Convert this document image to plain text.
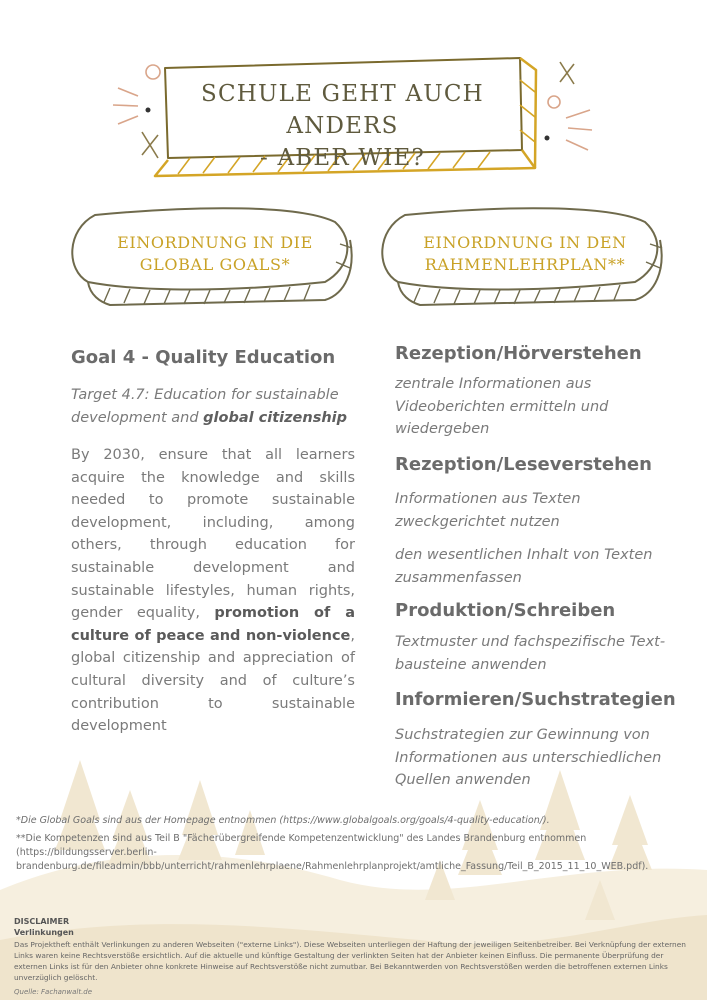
SCHULE GEHT AUCH ANDERS
- ABER WIE?
EINORDNUNG IN DIE
GLOBAL GOALS*
EINORDNUNG IN DEN
RAHMENLEHRPLAN**
Goal 4 - Quality Education
Target 4.7: Education for sustainable development and global citizenship
By 2030, ensure that all learners acquire the knowledge and skills needed to promote sustainable development, including, among others, through education for sustainable development and sustainable lifestyles, human rights, gender equality, promotion of a culture of peace and non-violence, global citizenship and appreciation of cultural diversity and of culture’s contribution to sustainable development
Rezeption/Hörverstehen
zentrale Informationen aus Videoberichten ermitteln und wiedergeben
Rezeption/Leseverstehen
Informationen aus Texten zweckgerichtet nutzen
den wesentlichen Inhalt von Texten zusammenfassen
Produktion/Schreiben
Textmuster und fachspezifische Text-bausteine anwenden
Informieren/Suchstrategien
Suchstrategien zur Gewinnung von Informationen aus unterschiedlichen Quellen anwenden
*Die Global Goals sind aus der Homepage entnommen (https://www.globalgoals.org/goals/4-quality-education/).
**Die Kompetenzen sind aus Teil B "Fächerübergreifende Kompetenzentwicklung" des Landes Brandenburg entnommen (https://bildungsserver.berlin-brandenburg.de/fileadmin/bbb/unterricht/rahmenlehrplaene/Rahmenlehrplanprojekt/amtliche_Fassung/Teil_B_2015_11_10_WEB.pdf).
DISCLAIMER
Verlinkungen
Das Projektheft enthält Verlinkungen zu anderen Webseiten ("externe Links"). Diese Webseiten unterliegen der Haftung der jeweiligen Seitenbetreiber. Bei Verknüpfung der externen Links waren keine Rechtsverstöße ersichtlich. Auf die aktuelle und künftige Gestaltung der verlinkten Seiten hat der Anbieter keinen Einfluss. Die permanente Überprüfung der externen Links ist für den Anbieter ohne konkrete Hinweise auf Rechtsverstöße nicht zumutbar. Bei Bekanntwerden von Rechtsverstößen werden die betroffenen externen Links unverzüglich gelöscht.
Quelle: Fachanwalt.de
